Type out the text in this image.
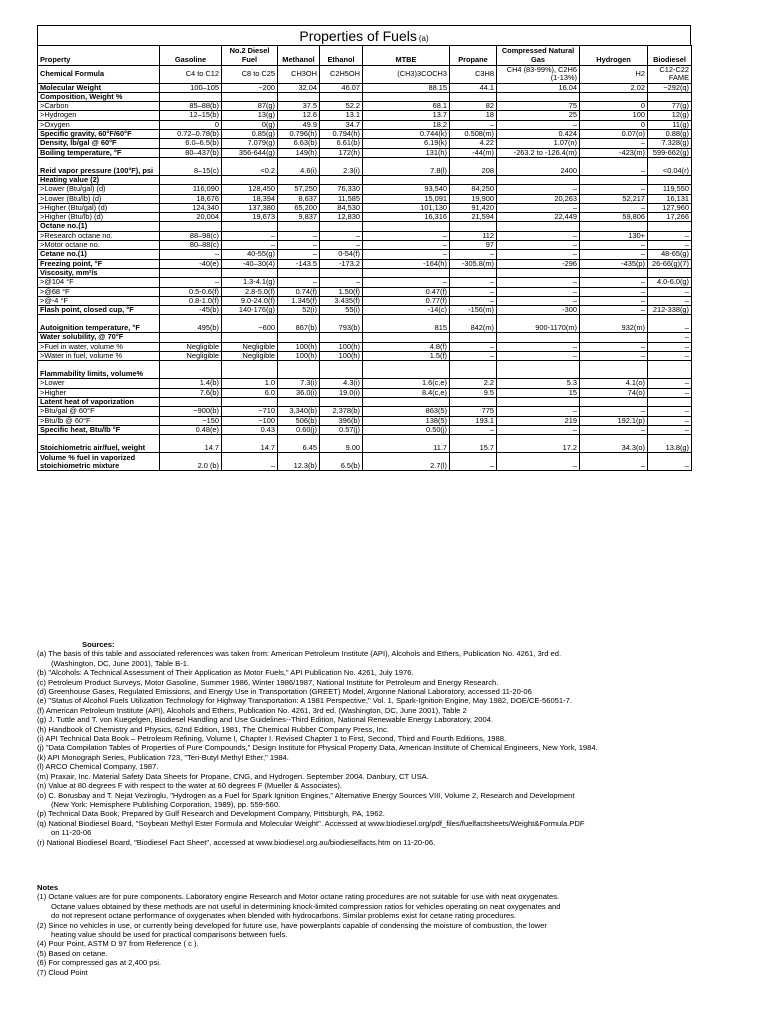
Properties of Fuels (a)
Property	Gasoline	No.2 Diesel Fuel	Methanol	Ethanol	MTBE	Propane	Compressed Natural Gas	Hydrogen	Biodiesel
Chemical Formula	C4 to C12	C8 to C25	CH3OH	C2H5OH	(CH3)3COCH3	C3H8	CH4 (83-99%), C2H6 (1-13%)	H2	C12-C22 FAME
Molecular Weight	100–105	~200	32.04	46.07	88.15	44.1	16.04	2.02	~292(q)
Composition, Weight %									
>Carbon	85–88(b)	87(g)	37.5	52.2	68.1	82	75	0	77(g)
>Hydrogen	12–15(b)	13(g)	12.6	13.1	13.7	18	25	100	12(g)
>Oxygen	0	0(g)	49.9	34.7	18.2	–	–	0	11(g)
Specific gravity, 60°F/60°F	0.72–0.78(b)	0.85(g)	0.796(h)	0.794(h)	0.744(k)	0.508(m)	0.424	0.07(o)	0.88(g)
Density, lb/gal @ 60°F	6.0–6.5(b)	7.079(g)	6.63(b)	6.61(b)	6.19(k)	4.22	1.07(n)	–	7.328(g)
Boiling temperature, °F	80–437(b)	356-644(g)	149(h)	172(h)	131(h)	-44(m)	-263.2 to -126.4(m)	-423(m)	599-662(g)
Reid vapor pressure (100°F), psi	8–15(c)	<0.2	4.6(i)	2.3(i)	7.8(l)	208	2400	–	<0.04(r)
Heating value (2)									
>Lower (Btu/gal) (d)	116,090	128,450	57,250	76,330	93,540	84,250	–	–	119,550
>Lower (Btu/lb) (d)	18,676	18,394	8,637	11,585	15,091	19,900	20,263	52,217	16,131
>Higher (Btu/gal) (d)	124,340	137,380	65,200	84,530	101,130	91,420	–	–	127,960
>Higher (Btu/lb) (d)	20,004	19,673	9,837	12,830	16,316	21,594	22,449	59,806	17,266
Octane no.(1)									
>Research octane no.	88–98(c)	–	–	–	–	112	–	130+	–
>Motor octane no.	80–88(c)	–	–	–	–	97	–	–	–
Cetane no.(1)	–	40-55(g)	–	0-54(f)	–	–	–	–	48-65(g)
Freezing point, °F	-40(e)	-40–30(4)	-143.5	-173.2	-164(h)	-305.8(m)	-296	-435(p)	26-66(g)(7)
Viscosity, mm²/s									
>@104 °F	–	1.3-4.1(g)	–	–	–	–	–	–	4.0-6.0(g)
>@68 °F	0.5-0.6(f)	2.8-5.0(f)	0.74(f)	1.50(f)	0.47(f)	–	–	–	–
>@-4 °F	0.8-1.0(f)	9.0-24.0(f)	1.345(f)	3.435(f)	0.77(f)	–	–	–	–
Flash point, closed cup, °F	-45(b)	140-176(g)	52(i)	55(i)	-14(c)	-156(m)	-300	–	212-338(g)
Autoignition temperature, °F	495(b)	~600	867(b)	793(b)	815	842(m)	900-1170(m)	932(m)	–
Water solubility, @ 70°F									–
>Fuel in water, volume %	Negligible	Negligible	100(h)	100(h)	4.8(f)	–	–	–	–
>Water in fuel, volume %	Negligible	Negligible	100(h)	100(h)	1.5(f)	–	–	–	–
Flammability limits, volume%									
>Lower	1.4(b)	1.0	7.3(i)	4.3(i)	1.6(c,e)	2.2	5.3	4.1(o)	–
>Higher	7.6(b)	6.0	36.0(i)	19.0(i)	8.4(c,e)	9.5	15	74(o)	–
Latent heat of vaporization									
>Btu/gal @ 60°F	~900(b)	~710	3,340(b)	2,378(b)	863(5)	775	–	–	–
>Btu/lb @ 60°F	~150	~100	506(b)	396(b)	138(5)	193.1	219	192.1(p)	–
Specific heat, Btu/lb °F	0.48(e)	0.43	0.60(j)	0.57(j)	0.50(j)	–	–	–	–
Stoichiometric air/fuel, weight	14.7	14.7	6.45	9.00	11.7	15.7	17.2	34.3(o)	13.8(g)
Volume % fuel in vaporized stoichiometric mixture	2.0 (b)	–	12.3(b)	6.5(b)	2.7(l)	–	–	–	–
Sources:
(a) The basis of this table and associated references was taken from: American Petroleum Institute (API), Alcohols and Ethers, Publication No. 4261, 3rd ed.
(Washington, DC, June 2001), Table B-1.
(b) "Alcohols: A Technical Assessment of Their Application as Motor Fuels," API Publication No. 4261, July 1976.
(c) Petroleum Product Surveys, Motor Gasoline, Summer 1986, Winter 1986/1987, National Institute for Petroleum and Energy Research.
(d) Greenhouse Gases, Regulated Emissions, and Energy Use in Transportation (GREET) Model, Argonne National Laboratory, accessed 11-20-06
(e) "Status of Alcohol Fuels Utilization Technology for Highway Transportation: A 1981 Perspective," Vol. 1, Spark-Ignition Engine, May 1982, DOE/CE-56051-7.
(f) American Petroleum Institute (API), Alcohols and Ethers, Publication No. 4261, 3rd ed. (Washington, DC, June 2001), Table 2
(g) J. Tuttle and T. von Kuegelgen, Biodiesel Handling and Use Guidelines--Third Edition, National Renewable Energy Laboratory, 2004.
(h) Handbook of Chemistry and Physics, 62nd Edition, 1981, The Chemical Rubber Company Press, Inc.
(i) API Technical Data Book – Petroleum Refining, Volume I, Chapter I. Revised Chapter 1 to First, Second, Third and Fourth Editions, 1988.
(j) "Data Compilation Tables of Properties of Pure Compounds," Design Institute for Physical Property Data, American Institute of Chemical Engineers, New York, 1984.
(k) API Monograph Series, Publication 723, "Teri-Butyl Methyl Ether," 1984.
(l) ARCO Chemical Company, 1987.
(m) Praxair, Inc. Material Safety Data Sheets for Propane, CNG, and Hydrogen. September 2004. Danbury, CT USA.
(n) Value at 80 degrees F with respect to the water at 60 degrees F (Mueller & Associates).
(o) C. Borusbay and T. Nejat Veziroglu, "Hydrogen as a Fuel for Spark Ignition Engines," Alternative Energy Sources VIII, Volume 2, Research and Development
(New York: Hemisphere Publishing Corporation, 1989), pp. 559-560.
(p) Technical Data Book, Prepared by Gulf Research and Development Company, Pittsburgh, PA, 1962.
(q) National Biodiesel Board, "Soybean Methyl Ester Formula and Molecular Weight". Accessed at www.biodiesel.org/pdf_files/fuelfactsheets/Weight&Formula.PDF
on 11-20-06
(r) National Biodiesel Board, "Biodiesel Fact Sheet", accessed at www.biodiesel.org.au/biodieselfacts.htm on 11-20-06.
Notes
(1) Octane values are for pure components. Laboratory engine Research and Motor octane rating procedures are not suitable for use with neat oxygenates.
Octane values obtained by these methods are not useful in determining knock-limited compression ratios for vehicles operating on neat oxygenates and
do not represent octane performance of oxygenates when blended with hydrocarbons. Similar problems exist for cetane rating procedures.
(2) Since no vehicles in use, or currently being developed for future use, have powerplants capable of condensing the moisture of combustion, the lower
heating value should be used for practical comparisons between fuels.
(4) Pour Point, ASTM D 97 from Reference ( c ).
(5) Based on cetane.
(6) For compressed gas at 2,400 psi.
(7) Cloud Point
